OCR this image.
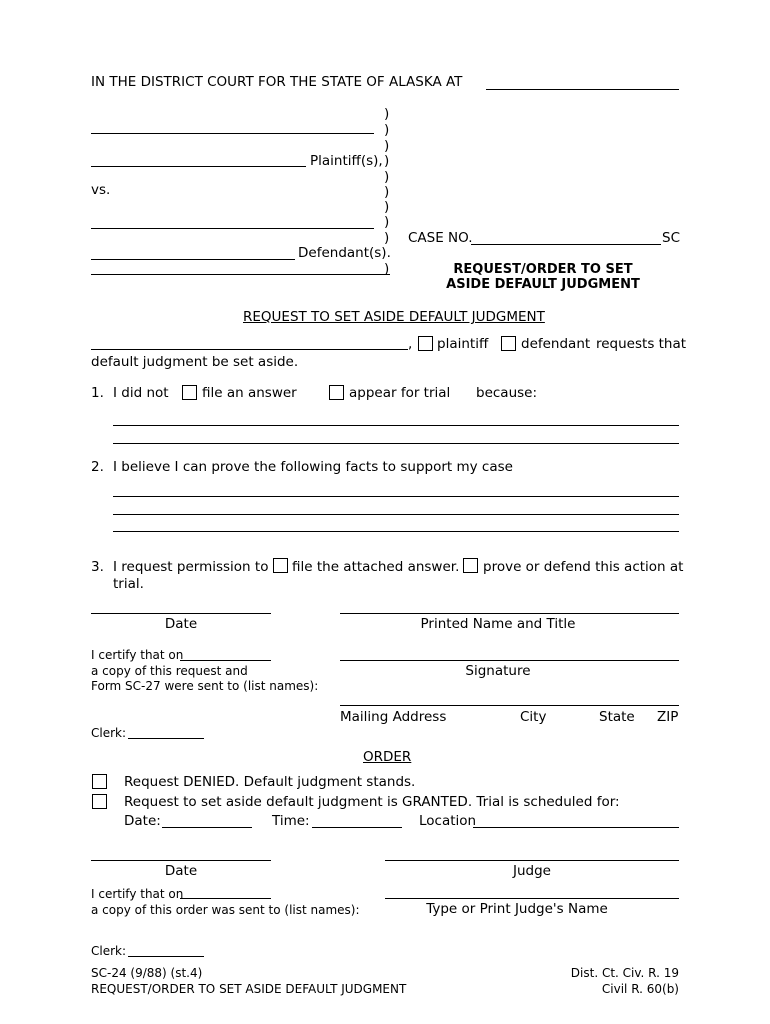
IN THE DISTRICT COURT FOR THE STATE OF ALASKA AT
)
)
)
)
)
)
)
)
)
)
Plaintiff(s),
vs.
Defendant(s).
CASE NO.	SC
REQUEST/ORDER TO SET
ASIDE DEFAULT JUDGMENT
REQUEST TO SET ASIDE DEFAULT JUDGMENT
, plaintiff defendant requests that
default judgment be set aside.
1. I did not file an answer	appear for trial because:
2. I believe I can prove the following facts to support my case
3. I request permission to file the attached answer. prove or defend this action at
trial.
Date	Printed Name and Title
I certify that on
a copy of this request and
Form SC-27 were sent to (list names):
Signature
Mailing Address	City	State ZIP
Clerk:
ORDER
Request DENIED. Default judgment stands.
Request to set aside default judgment is GRANTED. Trial is scheduled for:
Date:	Time:	Location
Date	Judge
I certify that on
a copy of this order was sent to (list names):	Type or Print Judge's Name
Clerk:
SC-24 (9/88) (st.4)
REQUEST/ORDER TO SET ASIDE DEFAULT JUDGMENT
Dist. Ct. Civ. R. 19
Civil R. 60(b)
